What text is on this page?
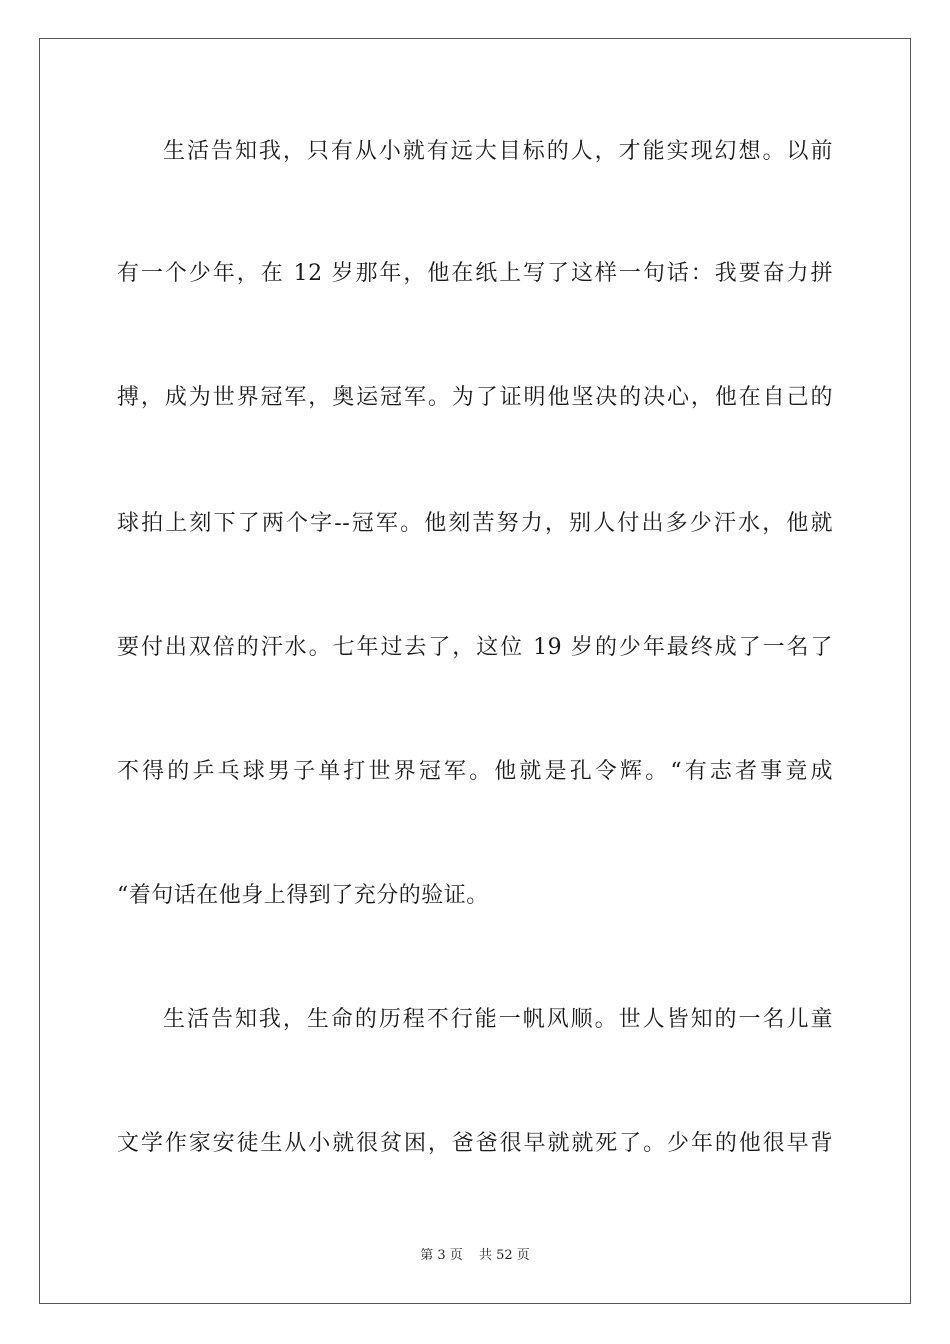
生活告知我，只有从小就有远大目标的人，才能实现幻想。以前
有一个少年，在 12 岁那年，他在纸上写了这样一句话：我要奋力拼
搏，成为世界冠军，奥运冠军。为了证明他坚决的决心，他在自己的
球拍上刻下了两个字--冠军。他刻苦努力，别人付出多少汗水，他就
要付出双倍的汗水。七年过去了，这位 19 岁的少年最终成了一名了
不得的乒乓球男子单打世界冠军。他就是孔令辉。“有志者事竟成
“着句话在他身上得到了充分的验证。
生活告知我，生命的历程不行能一帆风顺。世人皆知的一名儿童
文学作家安徒生从小就很贫困，爸爸很早就就死了。少年的他很早背
第 3 页 共 52 页
